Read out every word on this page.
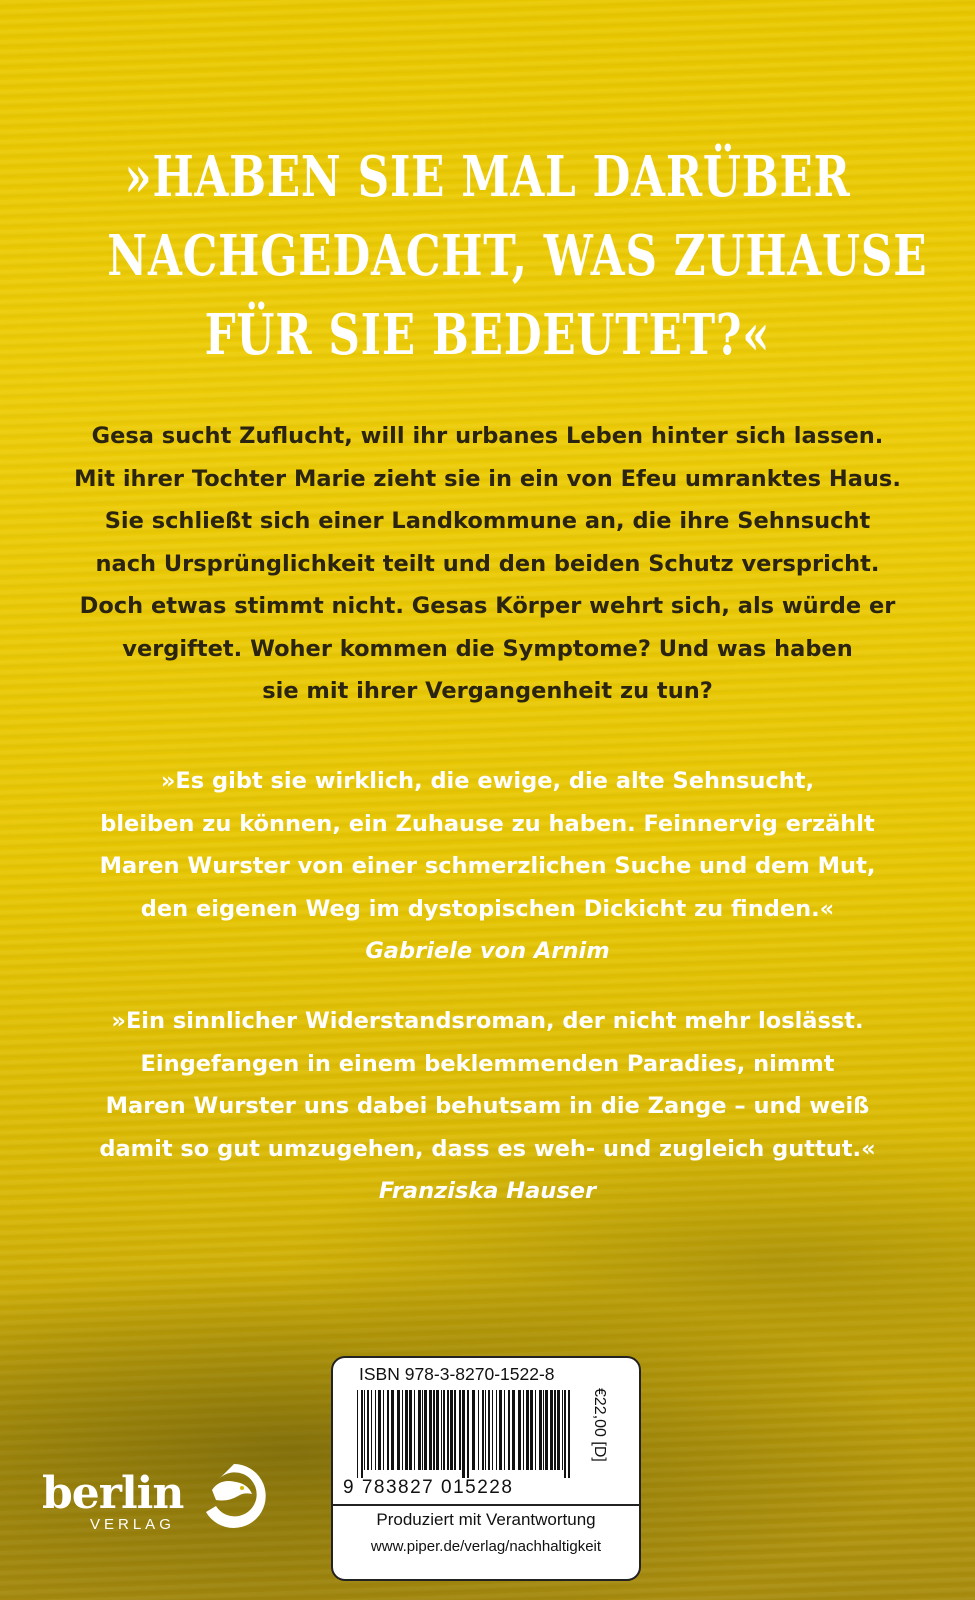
»HABEN SIE MAL DARÜBER
NACHGEDACHT, WAS ZUHAUSE
FÜR SIE BEDEUTET?«
Gesa sucht Zuflucht, will ihr urbanes Leben hinter sich lassen.
Mit ihrer Tochter Marie zieht sie in ein von Efeu umranktes Haus.
Sie schließt sich einer Landkommune an, die ihre Sehnsucht
nach Ursprünglichkeit teilt und den beiden Schutz verspricht.
Doch etwas stimmt nicht. Gesas Körper wehrt sich, als würde er
vergiftet. Woher kommen die Symptome? Und was haben
sie mit ihrer Vergangenheit zu tun?
»Es gibt sie wirklich, die ewige, die alte Sehnsucht,
bleiben zu können, ein Zuhause zu haben. Feinnervig erzählt
Maren Wurster von einer schmerzlichen Suche und dem Mut,
den eigenen Weg im dystopischen Dickicht zu finden.«
Gabriele von Arnim
»Ein sinnlicher Widerstandsroman, der nicht mehr loslässt.
Eingefangen in einem beklemmenden Paradies, nimmt
Maren Wurster uns dabei behutsam in die Zange – und weiß
damit so gut umzugehen, dass es weh- und zugleich guttut.«
Franziska Hauser
ISBN 978-3-8270-1522-8
9 783827 015228
€22,00 [D]
Produziert mit Verantwortung
www.piper.de/verlag/nachhaltigkeit
berlin
VERLAG
